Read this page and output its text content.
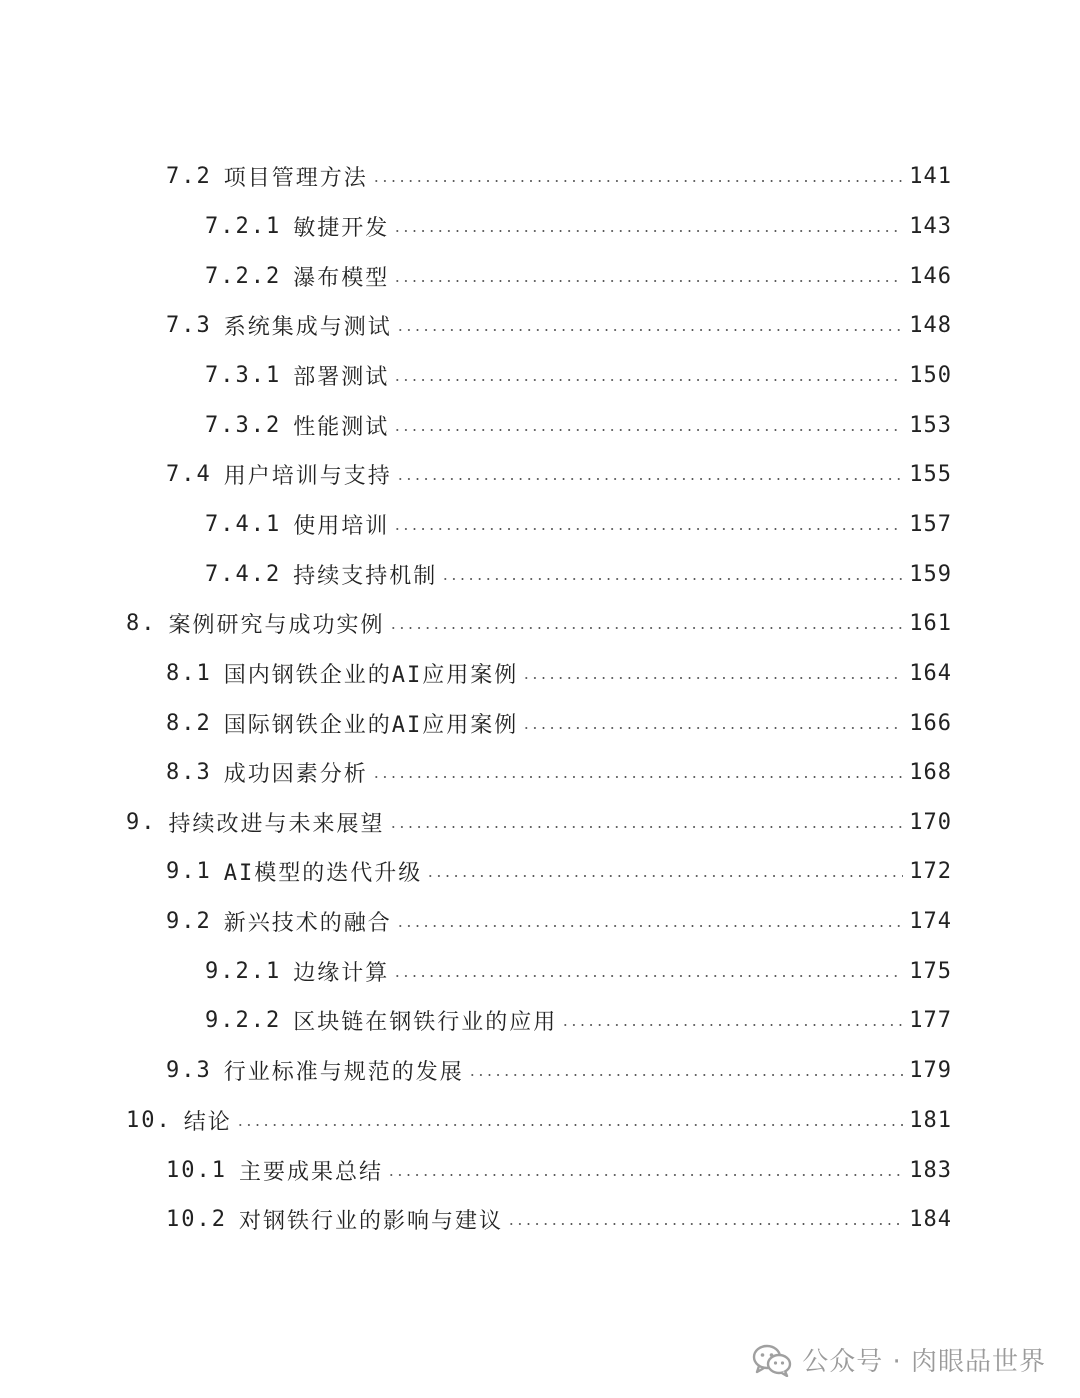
7.2 项目管理方法	141
7.2.1 敏捷开发	143
7.2.2 瀑布模型	146
7.3 系统集成与测试	148
7.3.1 部署测试	150
7.3.2 性能测试	153
7.4 用户培训与支持	155
7.4.1 使用培训	157
7.4.2 持续支持机制	159
8. 案例研究与成功实例	161
8.1 国内钢铁企业的AI应用案例	164
8.2 国际钢铁企业的AI应用案例	166
8.3 成功因素分析	168
9. 持续改进与未来展望	170
9.1 AI模型的迭代升级	172
9.2 新兴技术的融合	174
9.2.1 边缘计算	175
9.2.2 区块链在钢铁行业的应用	177
9.3 行业标准与规范的发展	179
10. 结论	181
10.1 主要成果总结	183
10.2 对钢铁行业的影响与建议	184
公众号 · 肉眼品世界
